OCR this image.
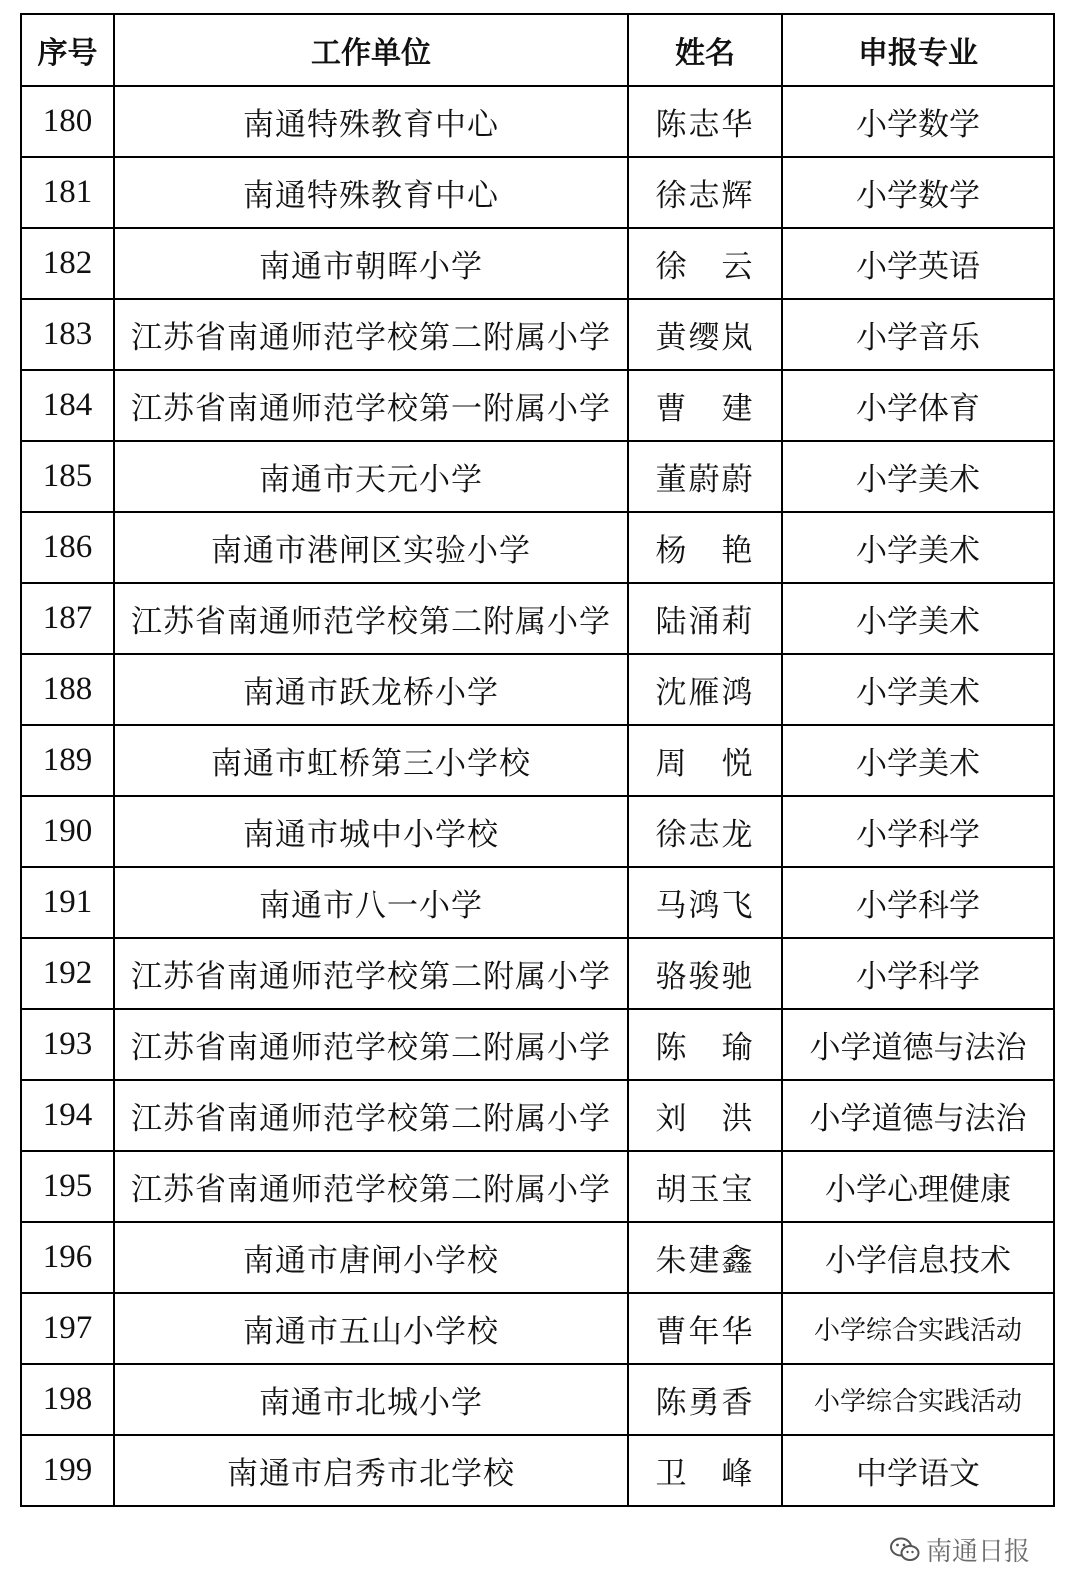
序号	工作单位	姓名	申报专业
180	南通特殊教育中心	陈志华	小学数学
181	南通特殊教育中心	徐志辉	小学数学
182	南通市朝晖小学	徐　云	小学英语
183	江苏省南通师范学校第二附属小学	黄缨岚	小学音乐
184	江苏省南通师范学校第一附属小学	曹　建	小学体育
185	南通市天元小学	董蔚蔚	小学美术
186	南通市港闸区实验小学	杨　艳	小学美术
187	江苏省南通师范学校第二附属小学	陆涌莉	小学美术
188	南通市跃龙桥小学	沈雁鸿	小学美术
189	南通市虹桥第三小学校	周　悦	小学美术
190	南通市城中小学校	徐志龙	小学科学
191	南通市八一小学	马鸿飞	小学科学
192	江苏省南通师范学校第二附属小学	骆骏驰	小学科学
193	江苏省南通师范学校第二附属小学	陈　瑜	小学道德与法治
194	江苏省南通师范学校第二附属小学	刘　洪	小学道德与法治
195	江苏省南通师范学校第二附属小学	胡玉宝	小学心理健康
196	南通市唐闸小学校	朱建鑫	小学信息技术
197	南通市五山小学校	曹年华	小学综合实践活动
198	南通市北城小学	陈勇香	小学综合实践活动
199	南通市启秀市北学校	卫　峰	中学语文
南通日报
